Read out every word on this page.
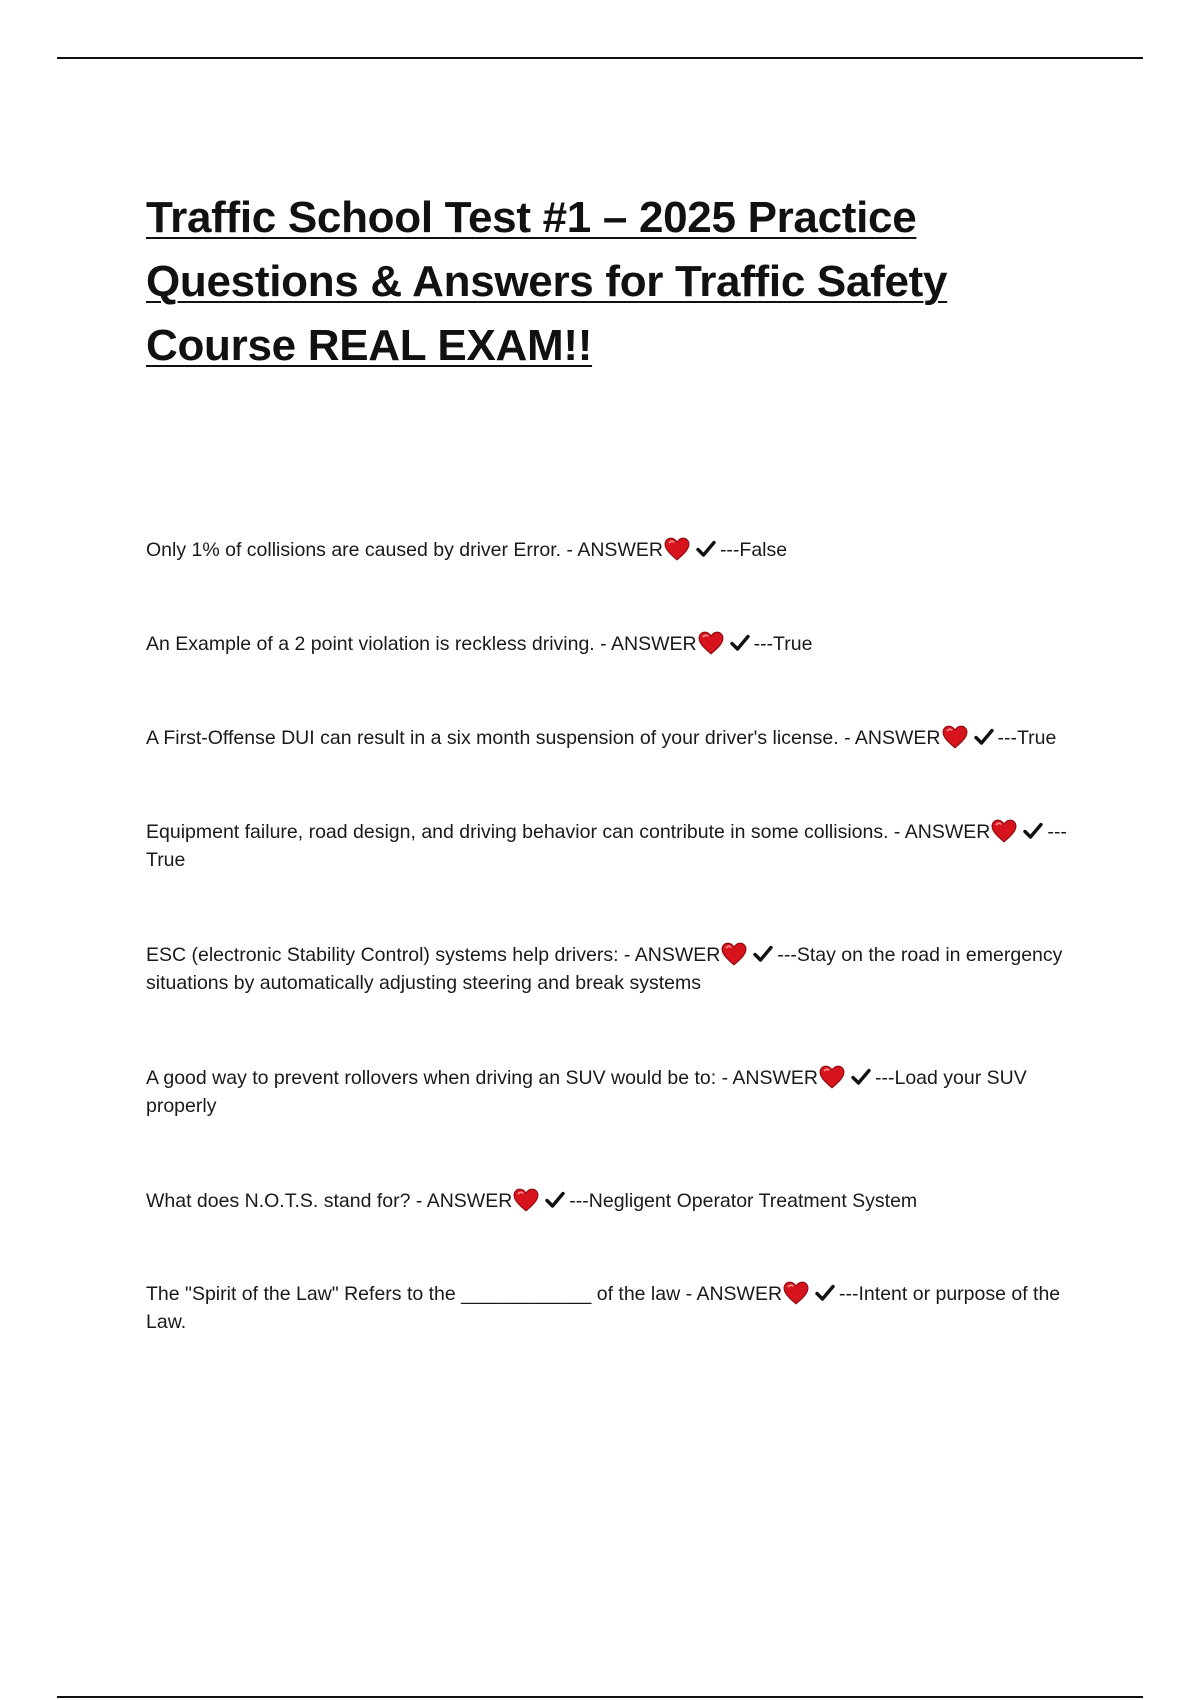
Traffic School Test #1 – 2025 Practice Questions & Answers for Traffic Safety Course REAL EXAM!!

Only 1% of collisions are caused by driver Error. - ANSWER	---False

An Example of a 2 point violation is reckless driving. - ANSWER	---True

A First-Offense DUI can result in a six month suspension of your driver's license. - ANSWER	---True

Equipment failure, road design, and driving behavior can contribute in some collisions. - ANSWER	---True

ESC (electronic Stability Control) systems help drivers: - ANSWER	---Stay on the road in emergency situations by automatically adjusting steering and break systems

A good way to prevent rollovers when driving an SUV would be to: - ANSWER	---Load your SUV properly

What does N.O.T.S. stand for? - ANSWER	---Negligent Operator Treatment System

The "Spirit of the Law" Refers to the ____________ of the law - ANSWER	---Intent or purpose of the Law.
